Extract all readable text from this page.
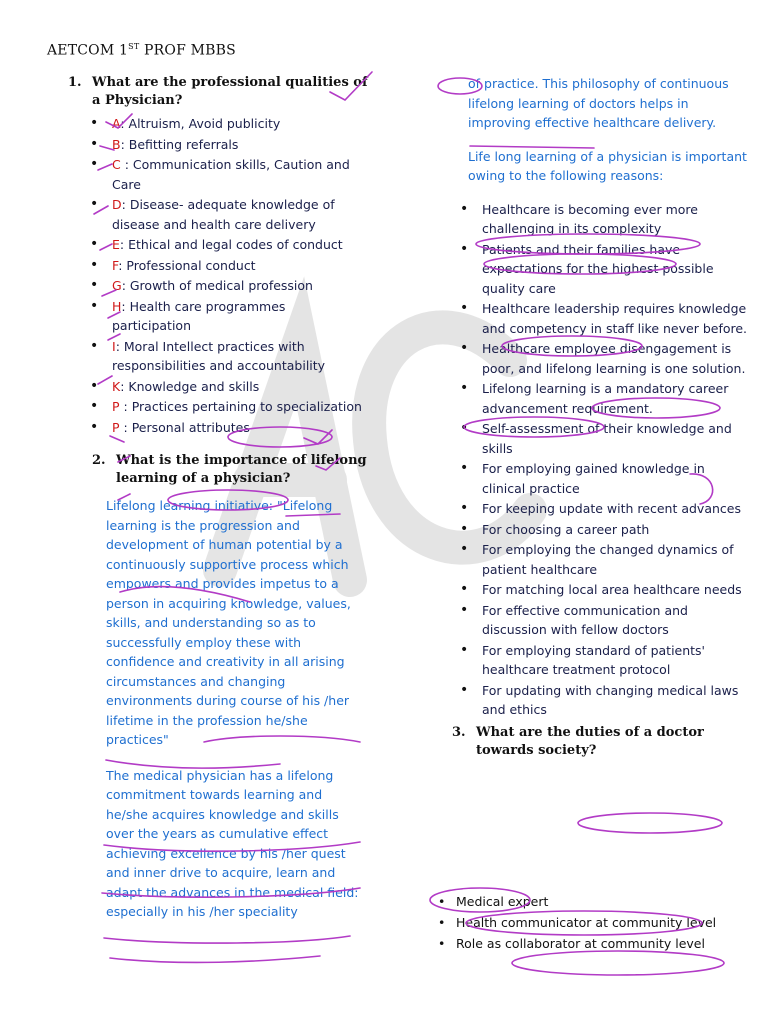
AETCOM 1ST PROF MBBS
1. What are the professional qualities of a Physician?
• A: Altruism, Avoid publicity
• B: Befitting referrals
• C : Communication skills, Caution and Care
• D: Disease- adequate knowledge of disease and health care delivery
• E: Ethical and legal codes of conduct
• F: Professional conduct
• G: Growth of medical profession
• H: Health care programmes participation
• I: Moral Intellect practices with responsibilities and accountability
• K: Knowledge and skills
• P : Practices pertaining to specialization
• P : Personal attributes
2. What is the importance of lifelong learning of a physician?

Lifelong learning initiative: "Lifelong learning is the progression and development of human potential by a continuously supportive process which empowers and provides impetus to a person in acquiring knowledge, values, skills, and understanding so as to successfully employ these with confidence and creativity in all arising circumstances and changing environments during course of his /her lifetime in the profession he/she practices"

The medical physician has a lifelong commitment towards learning and he/she acquires knowledge and skills over the years as cumulative effect achieving excellence by his /her quest and inner drive to acquire, learn and adapt the advances in the medical field: especially in his /her speciality

of practice. This philosophy of continuous lifelong learning of doctors helps in improving effective healthcare delivery.

Life long learning of a physician is important owing to the following reasons:

• Healthcare is becoming ever more challenging in its complexity
• Patients and their families have expectations for the highest possible quality care
• Healthcare leadership requires knowledge and competency in staff like never before.
• Healthcare employee disengagement is poor, and lifelong learning is one solution.
• Lifelong learning is a mandatory career advancement requirement.
• Self-assessment of their knowledge and skills
• For employing gained knowledge in clinical practice
• For keeping update with recent advances
• For choosing a career path
• For employing the changed dynamics of patient healthcare
• For matching local area healthcare needs
• For effective communication and discussion with fellow doctors
• For employing standard of patients' healthcare treatment protocol
• For updating with changing medical laws and ethics
3. What are the duties of a doctor towards society?
• Medical expert
• Health communicator at community level
• Role as collaborator at community level
